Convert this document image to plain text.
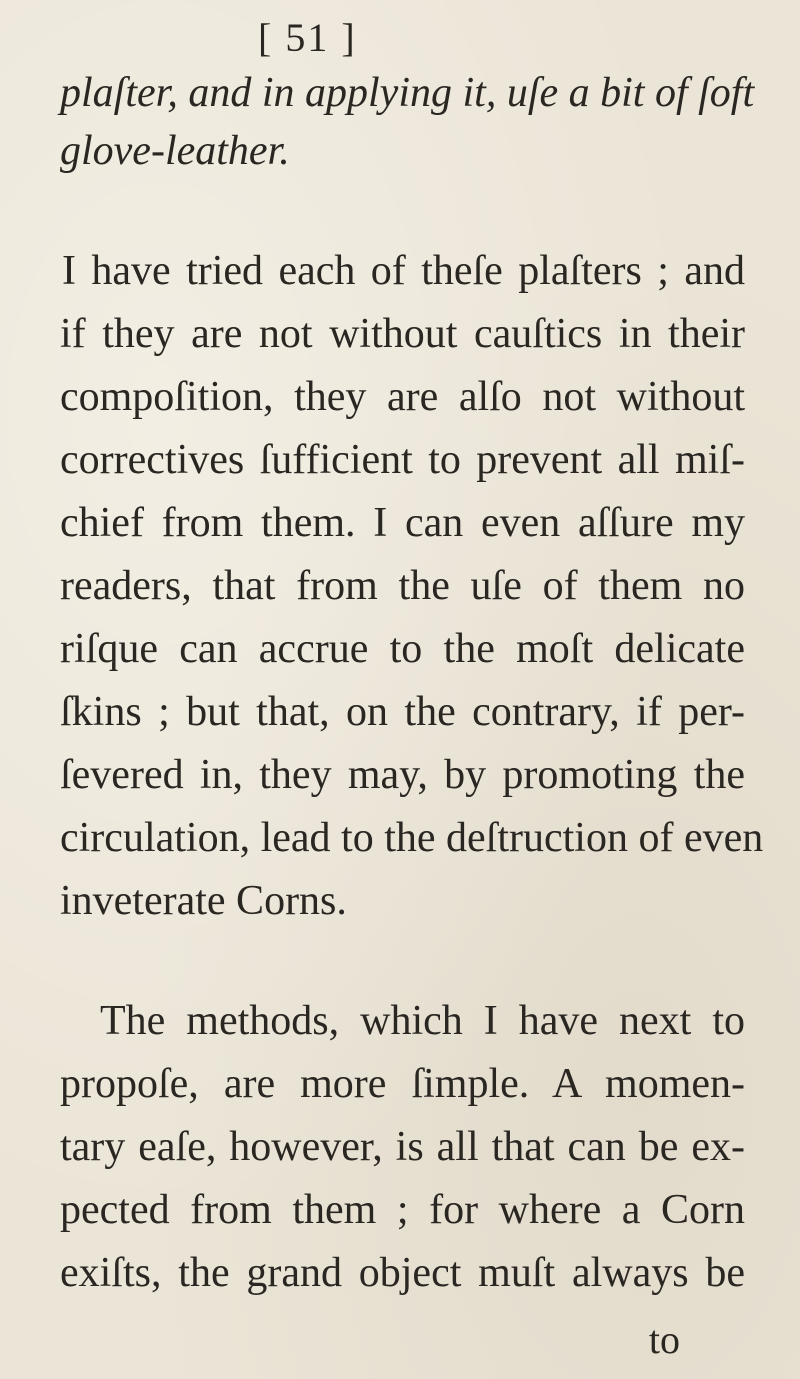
[ 51 ]
plaſter, and in applying it, uſe a bit of ſoft
glove-leather.
I have tried each of theſe plaſters ; and
if they are not without cauſtics in their
compoſition, they are alſo not without
correctives ſufficient to prevent all miſ-
chief from them. I can even aſſure my
readers, that from the uſe of them no
riſque can accrue to the moſt delicate
ſkins ; but that, on the contrary, if per-
ſevered in, they may, by promoting the
circulation, lead to the deſtruction of even
inveterate Corns.
The methods, which I have next to
propoſe, are more ſimple. A momen-
tary eaſe, however, is all that can be ex-
pected from them ; for where a Corn
exiſts, the grand object muſt always be
to
